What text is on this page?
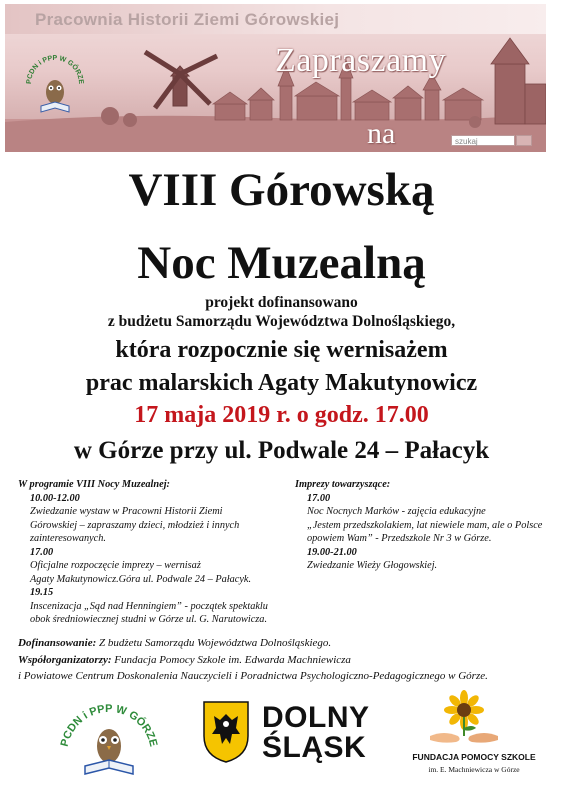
Pracownia Historii Ziemi Górowskiej
Zapraszamy
na	szukaj
PCDN i PPP W GÓRZE
VIII Górowską
Noc Muzealną
projekt dofinansowano
z budżetu Samorządu Województwa Dolnośląskiego,
która rozpocznie się wernisażem
prac malarskich Agaty Makutynowicz
17 maja 2019 r. o godz. 17.00
w Górze przy ul. Podwale 24 – Pałacyk
W programie VIII Nocy Muzealnej:
10.00-12.00
Zwiedzanie wystaw w Pracowni Historii Ziemi
Górowskiej – zapraszamy dzieci, młodzież i innych
zainteresowanych.
17.00
Oficjalne rozpoczęcie imprezy – wernisaż
Agaty Makutynowicz.Góra ul. Podwale 24 – Pałacyk.
19.15
Inscenizacja „Sąd nad Henningiem” - początek spektaklu
obok średniowiecznej studni w Górze ul. G. Narutowicza.
Imprezy towarzyszące:
17.00
Noc Nocnych Marków - zajęcia edukacyjne
„Jestem przedszkolakiem, lat niewiele mam, ale o Polsce
opowiem Wam” - Przedszkole Nr 3 w Górze.
19.00-21.00
Zwiedzanie Wieży Głogowskiej.
Dofinansowanie: Z budżetu Samorządu Województwa Dolnośląskiego.
Współorganizatorzy: Fundacja Pomocy Szkole im. Edwarda Machniewicza
i Powiatowe Centrum Doskonalenia Nauczycieli i Poradnictwa Psychologiczno-Pedagogicznego w Górze.
PCDN i PPP W GÓRZE
DOLNY
ŚLĄSK	FUNDACJA POMOCY SZKOLE
im. E. Machniewicza w Górze
